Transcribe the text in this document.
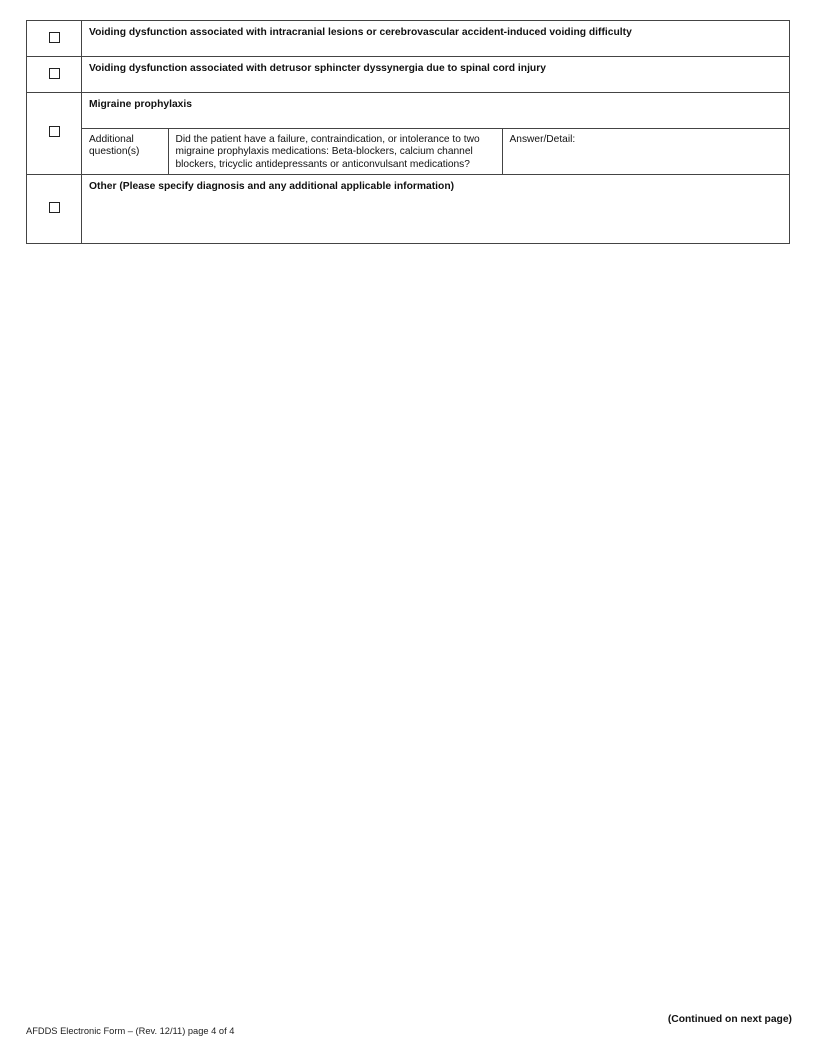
Voiding dysfunction associated with intracranial lesions or cerebrovascular accident-induced voiding difficulty

Voiding dysfunction associated with detrusor sphincter dyssynergia due to spinal cord injury

Migraine prophylaxis

Additional question(s)	Did the patient have a failure, contraindication, or intolerance to two migraine prophylaxis medications: Beta-blockers, calcium channel blockers, tricyclic antidepressants or anticonvulsant medications?	Answer/Detail:

Other (Please specify diagnosis and any additional applicable information)
(Continued on next page)
AFDDS Electronic Form – (Rev. 12/11) page 4 of 4
